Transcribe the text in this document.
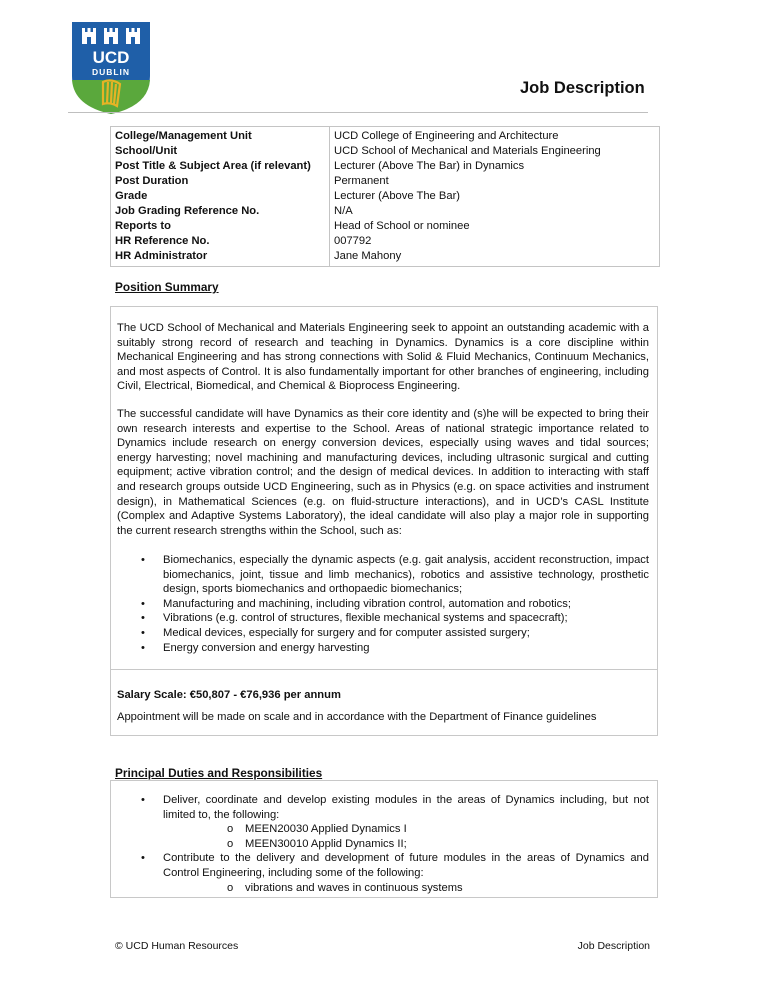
UCD
DUBLIN
Job Description
College/Management Unit	UCD College of Engineering and Architecture
School/Unit	UCD School of Mechanical and Materials Engineering
Post Title & Subject Area (if relevant)	Lecturer (Above The Bar) in Dynamics
Post Duration	Permanent
Grade	Lecturer (Above The Bar)
Job Grading Reference No.	N/A
Reports to	Head of School or nominee
HR Reference No.	007792
HR Administrator	Jane Mahony
Position Summary

The UCD School of Mechanical and Materials Engineering seek to appoint an outstanding academic with a suitably strong record of research and teaching in Dynamics. Dynamics is a core discipline within Mechanical Engineering and has strong connections with Solid & Fluid Mechanics, Continuum Mechanics, and most aspects of Control. It is also fundamentally important for other branches of engineering, including Civil, Electrical, Biomedical, and Chemical & Bioprocess Engineering.

The successful candidate will have Dynamics as their core identity and (s)he will be expected to bring their own research interests and expertise to the School. Areas of national strategic importance related to Dynamics include research on energy conversion devices, especially using waves and tidal sources; energy harvesting; novel machining and manufacturing devices, including ultrasonic surgical and cutting equipment; active vibration control; and the design of medical devices. In addition to interacting with staff and research groups outside UCD Engineering, such as in Physics (e.g. on space activities and instrument design), in Mathematical Sciences (e.g. on fluid-structure interactions), and in UCD’s CASL Institute (Complex and Adaptive Systems Laboratory), the ideal candidate will also play a major role in supporting the current research strengths within the School, such as:

• Biomechanics, especially the dynamic aspects (e.g. gait analysis, accident reconstruction, impact biomechanics, joint, tissue and limb mechanics), robotics and assistive technology, prosthetic design, sports biomechanics and orthopaedic biomechanics;
• Manufacturing and machining, including vibration control, automation and robotics;
• Vibrations (e.g. control of structures, flexible mechanical systems and spacecraft);
• Medical devices, especially for surgery and for computer assisted surgery;
• Energy conversion and energy harvesting

Salary Scale: €50,807 - €76,936 per annum

Appointment will be made on scale and in accordance with the Department of Finance guidelines

Principal Duties and Responsibilities
• Deliver, coordinate and develop existing modules in the areas of Dynamics including, but not limited to, the following:
o MEEN20030 Applied Dynamics I
o MEEN30010 Applid Dynamics II;
• Contribute to the delivery and development of future modules in the areas of Dynamics and Control Engineering, including some of the following:
o vibrations and waves in continuous systems
© UCD Human Resources	Job Description
